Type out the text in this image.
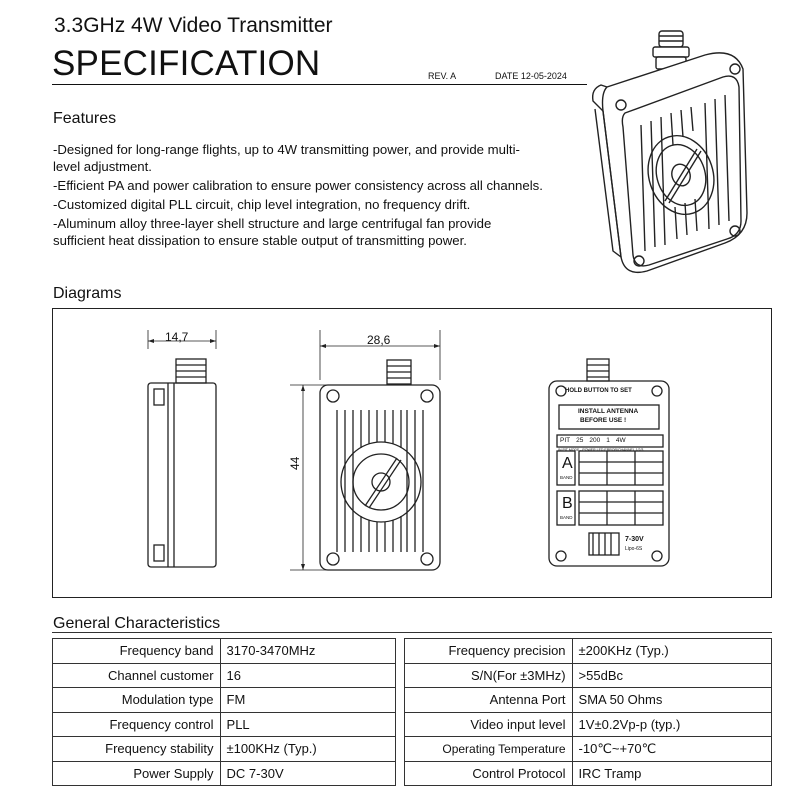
3.3GHz 4W Video Transmitter
SPECIFICATION	REV. A	DATE 12-05-2024
Features

-Designed for long-range flights, up to 4W transmitting power, and provide multi-level adjustment.

-Efficient PA and power calibration to ensure power consistency across all channels.

-Customized digital PLL circuit, chip level integration, no frequency drift.

-Aluminum alloy three-layer shell structure and large centrifugal fan provide sufficient heat dissipation to ensure stable output of transmitting power.

Diagrams
14,7	28,6
44
HOLD BUTTON TO SET
INSTALL ANTENNA
BEFORE USE !
PIT 25 200 1 4W
IN PIT MODE - POWER LED ERROR/CHANNEL 1/2/3
A
BAND
B
BAND
7-30V
Lipo-6S
General Characteristics
Frequency band	3170-3470MHz
Channel customer	16
Modulation type	FM
Frequency control	PLL
Frequency stability	±100KHz (Typ.)
Power Supply	DC 7-30V
Frequency precision	±200KHz (Typ.)
S/N(For ±3MHz)	>55dBc
Antenna Port	SMA 50 Ohms
Video input level	1V±0.2Vp-p (typ.)
Operating Temperature	-10℃~+70℃
Control Protocol	IRC Tramp
